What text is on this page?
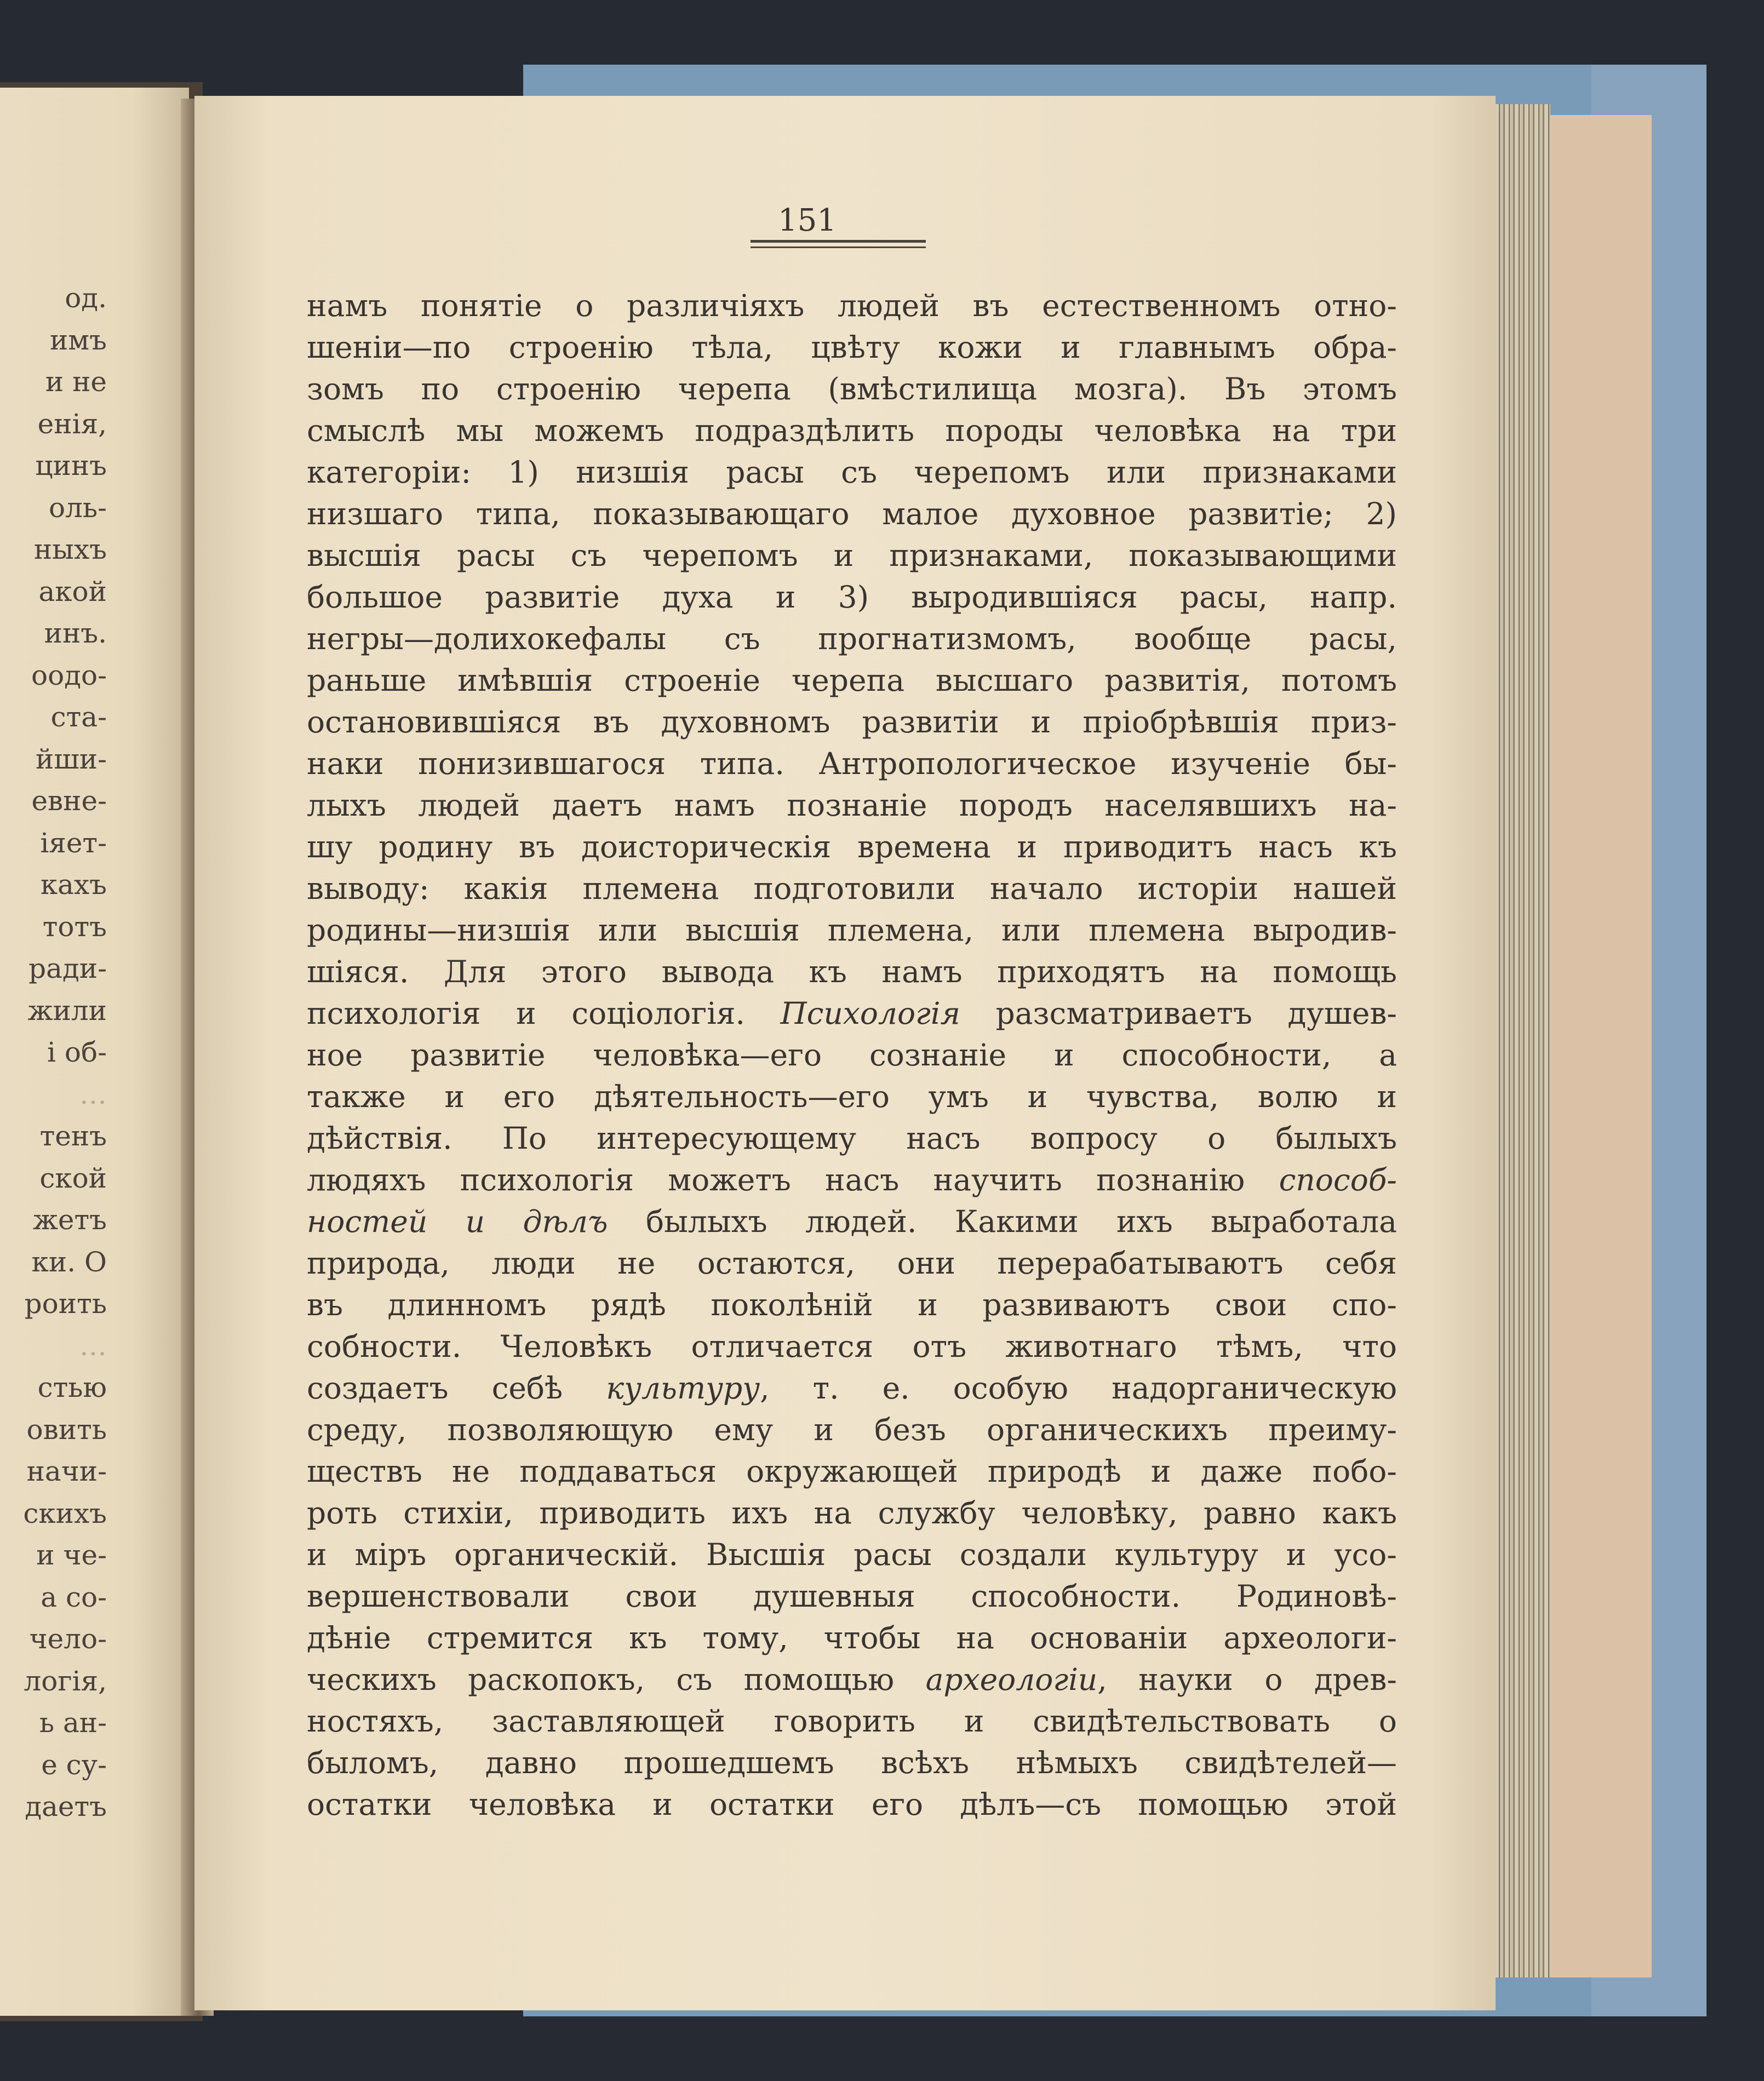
од.
имъ
и не
енія,
цинъ
оль-
ныхъ
акой
инъ.
оодо-
ста-
йши-
евне-
іяет-
кахъ
тотъ
ради-
жили
і об-
…
тенъ
ской
жетъ
ки. О
роить
…
стью
овить
начи-
скихъ
и че-
а со-
чело-
логія,
ь ан-
е су-
даетъ
151
намъ понятіе о различіяхъ людей въ естественномъ отно-
шеніи—по строенію тѣла, цвѣту кожи и главнымъ обра-
зомъ по строенію черепа (вмѣстилища мозга). Въ этомъ
смыслѣ мы можемъ подраздѣлить породы человѣка на три
категоріи: 1) низшія расы съ черепомъ или признаками
низшаго типа, показывающаго малое духовное развитіе; 2)
высшія расы съ черепомъ и признаками, показывающими
большое развитіе духа и 3) выродившіяся расы, напр.
негры—долихокефалы съ прогнатизмомъ, вообще расы,
раньше имѣвшія строеніе черепа высшаго развитія, потомъ
остановившіяся въ духовномъ развитіи и пріобрѣвшія приз-
наки понизившагося типа. Антропологическое изученіе бы-
лыхъ людей даетъ намъ познаніе породъ населявшихъ на-
шу родину въ доисторическія времена и приводитъ насъ къ
выводу: какія племена подготовили начало исторіи нашей
родины—низшія или высшія племена, или племена выродив-
шіяся. Для этого вывода къ намъ приходятъ на помощь
психологія и соціологія. Психологія разсматриваетъ душев-
ное развитіе человѣка—его сознаніе и способности, а
также и его дѣятельность—его умъ и чувства, волю и
дѣйствія. По интересующему насъ вопросу о былыхъ
людяхъ психологія можетъ насъ научить познанію способ-
ностей и дѣлъ былыхъ людей. Какими ихъ выработала
природа, люди не остаются, они перерабатываютъ себя
въ длинномъ рядѣ поколѣній и развиваютъ свои спо-
собности. Человѣкъ отличается отъ животнаго тѣмъ, что
создаетъ себѣ культуру, т. е. особую надорганическую
среду, позволяющую ему и безъ органическихъ преиму-
ществъ не поддаваться окружающей природѣ и даже побо-
роть стихіи, приводить ихъ на службу человѣку, равно какъ
и міръ органическій. Высшія расы создали культуру и усо-
вершенствовали свои душевныя способности. Родиновѣ-
дѣніе стремится къ тому, чтобы на основаніи археологи-
ческихъ раскопокъ, съ помощью археологіи, науки о древ-
ностяхъ, заставляющей говорить и свидѣтельствовать о
быломъ, давно прошедшемъ всѣхъ нѣмыхъ свидѣтелей—
остатки человѣка и остатки его дѣлъ—съ помощью этой
